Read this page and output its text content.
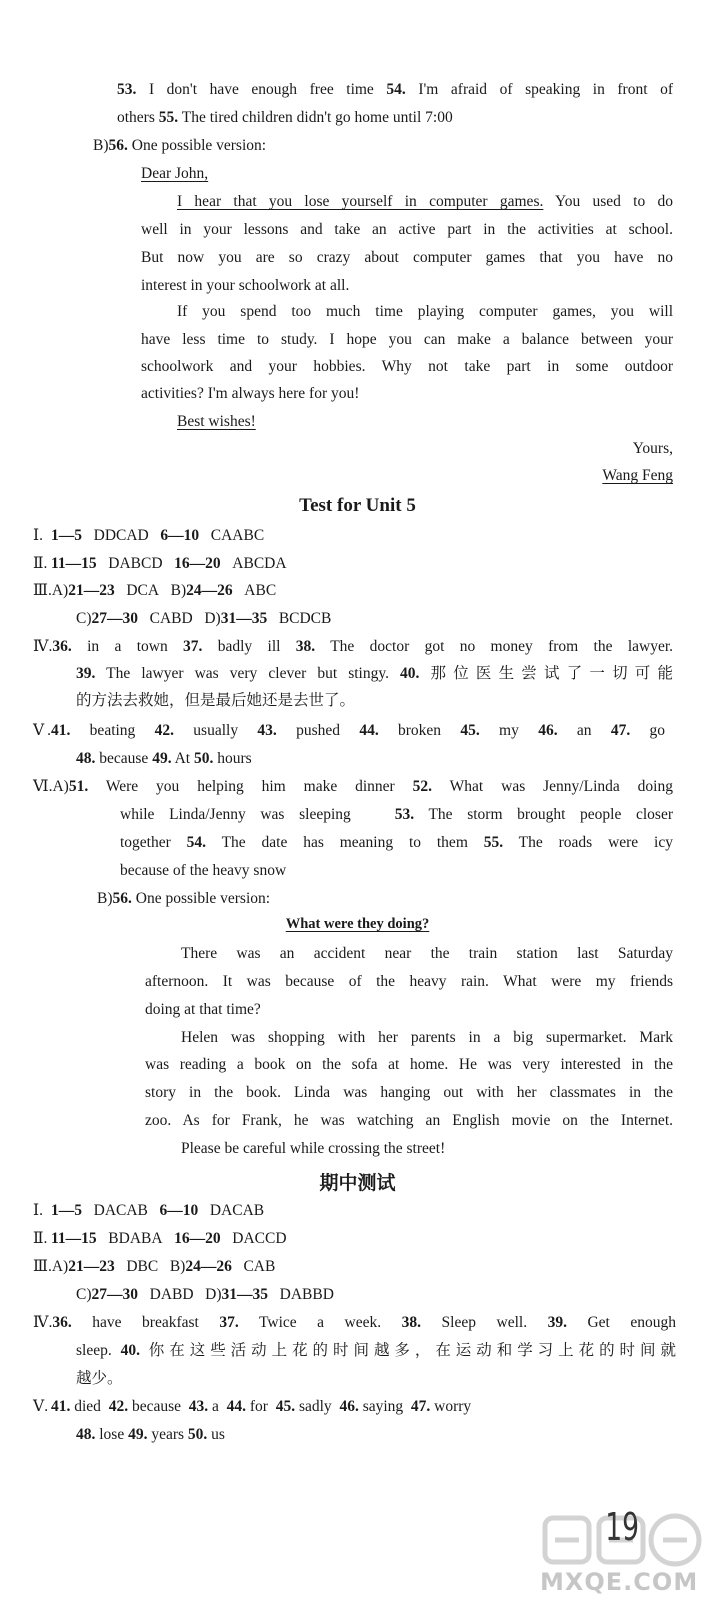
53. I don't have enough free time 54. I'm afraid of speaking in front of
others 55. The tired children didn't go home until 7:00
B)56. One possible version:
Dear John,
I hear that you lose yourself in computer games. You used to do
well in your lessons and take an active part in the activities at school.
But now you are so crazy about computer games that you have no
interest in your schoolwork at all.
If you spend too much time playing computer games, you will
have less time to study. I hope you can make a balance between your
schoolwork and your hobbies. Why not take part in some outdoor
activities? I'm always here for you!
Best wishes!
Yours,
Wang Feng
Test for Unit 5
Ⅰ. 1—5 DDCAD 6—10 CAABC
Ⅱ. 11—15 DABCD 16—20 ABCDA
Ⅲ.A)21—23 DCA B)24—26 ABC
C)27—30 CABD D)31—35 BCDCB
Ⅳ.36. in a town 37. badly ill 38. The doctor got no money from the lawyer.
39. The lawyer was very clever but stingy. 40. 那位医生尝试了一切可能
的方法去救她，但是最后她还是去世了。
Ⅴ.41. beating 42. usually 43. pushed 44. broken 45. my 46. an 47. go
48. because 49. At 50. hours
Ⅵ.A)51. Were you helping him make dinner 52. What was Jenny/Linda doing
while Linda/Jenny was sleeping	53. The storm brought people closer
together 54. The date has meaning to them 55. The roads were icy
because of the heavy snow
B)56. One possible version:
What were they doing?
There was an accident near the train station last Saturday
afternoon. It was because of the heavy rain. What were my friends
doing at that time?
Helen was shopping with her parents in a big supermarket. Mark
was reading a book on the sofa at home. He was very interested in the
story in the book. Linda was hanging out with her classmates in the
zoo. As for Frank, he was watching an English movie on the Internet.
Please be careful while crossing the street!
期中测试
Ⅰ. 1—5 DACAB 6—10 DACAB
Ⅱ. 11—15 BDABA 16—20 DACCD
Ⅲ.A)21—23 DBC B)24—26 CAB
C)27—30 DABD D)31—35 DABBD
Ⅳ.36. have breakfast 37. Twice a week. 38. Sleep well. 39. Get enough
sleep. 40. 你在这些活动上花的时间越多，在运动和学习上花的时间就
越少。
Ⅴ. 41. died  42. because  43. a  44. for  45. sadly  46. saying  47. worry
48. lose 49. years 50. us
19
MXQE.COM
